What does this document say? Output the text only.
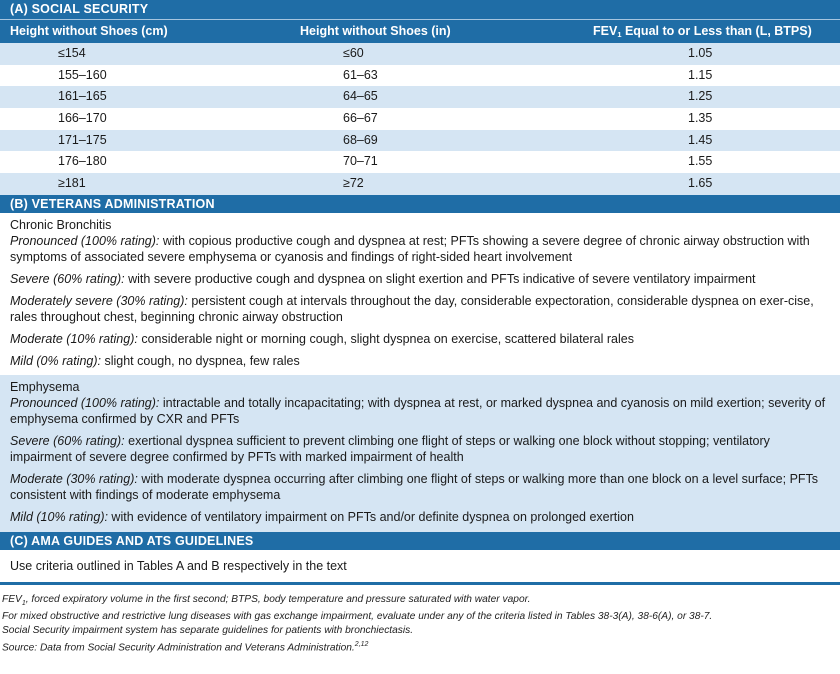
(A) SOCIAL SECURITY
Height without Shoes (cm)	Height without Shoes (in)	$FEV_1$ Equal to or Less than (L, BTPS)
≤154	≤60	1.05
155–160	61–63	1.15
161–165	64–65	1.25
166–170	66–67	1.35
171–175	68–69	1.45
176–180	70–71	1.55
≥181	≥72	1.65
(B) VETERANS ADMINISTRATION
Chronic Bronchitis
Pronounced (100% rating): with copious productive cough and dyspnea at rest; PFTs showing a severe degree of chronic airway obstruction with symptoms of associated severe emphysema or cyanosis and findings of right-sided heart involvement
Severe (60% rating): with severe productive cough and dyspnea on slight exertion and PFTs indicative of severe ventilatory impairment
Moderately severe (30% rating): persistent cough at intervals throughout the day, considerable expectoration, considerable dyspnea on exer-cise, rales throughout chest, beginning chronic airway obstruction
Moderate (10% rating): considerable night or morning cough, slight dyspnea on exercise, scattered bilateral rales
Mild (0% rating): slight cough, no dyspnea, few rales
Emphysema
Pronounced (100% rating): intractable and totally incapacitating; with dyspnea at rest, or marked dyspnea and cyanosis on mild exertion; severity of emphysema confirmed by CXR and PFTs
Severe (60% rating): exertional dyspnea sufficient to prevent climbing one flight of steps or walking one block without stopping; ventilatory impairment of severe degree confirmed by PFTs with marked impairment of health
Moderate (30% rating): with moderate dyspnea occurring after climbing one flight of steps or walking more than one block on a level surface; PFTs consistent with findings of moderate emphysema
Mild (10% rating): with evidence of ventilatory impairment on PFTs and/or definite dyspnea on prolonged exertion
(C) AMA GUIDES AND ATS GUIDELINES
Use criteria outlined in Tables A and B respectively in the text
$FEV_1$, forced expiratory volume in the first second; BTPS, body temperature and pressure saturated with water vapor.
For mixed obstructive and restrictive lung diseases with gas exchange impairment, evaluate under any of the criteria listed in Tables 38-3(A), 38-6(A), or 38-7.
Social Security impairment system has separate guidelines for patients with bronchiectasis.
Source: Data from Social Security Administration and Veterans Administration.$^{2,12}$
